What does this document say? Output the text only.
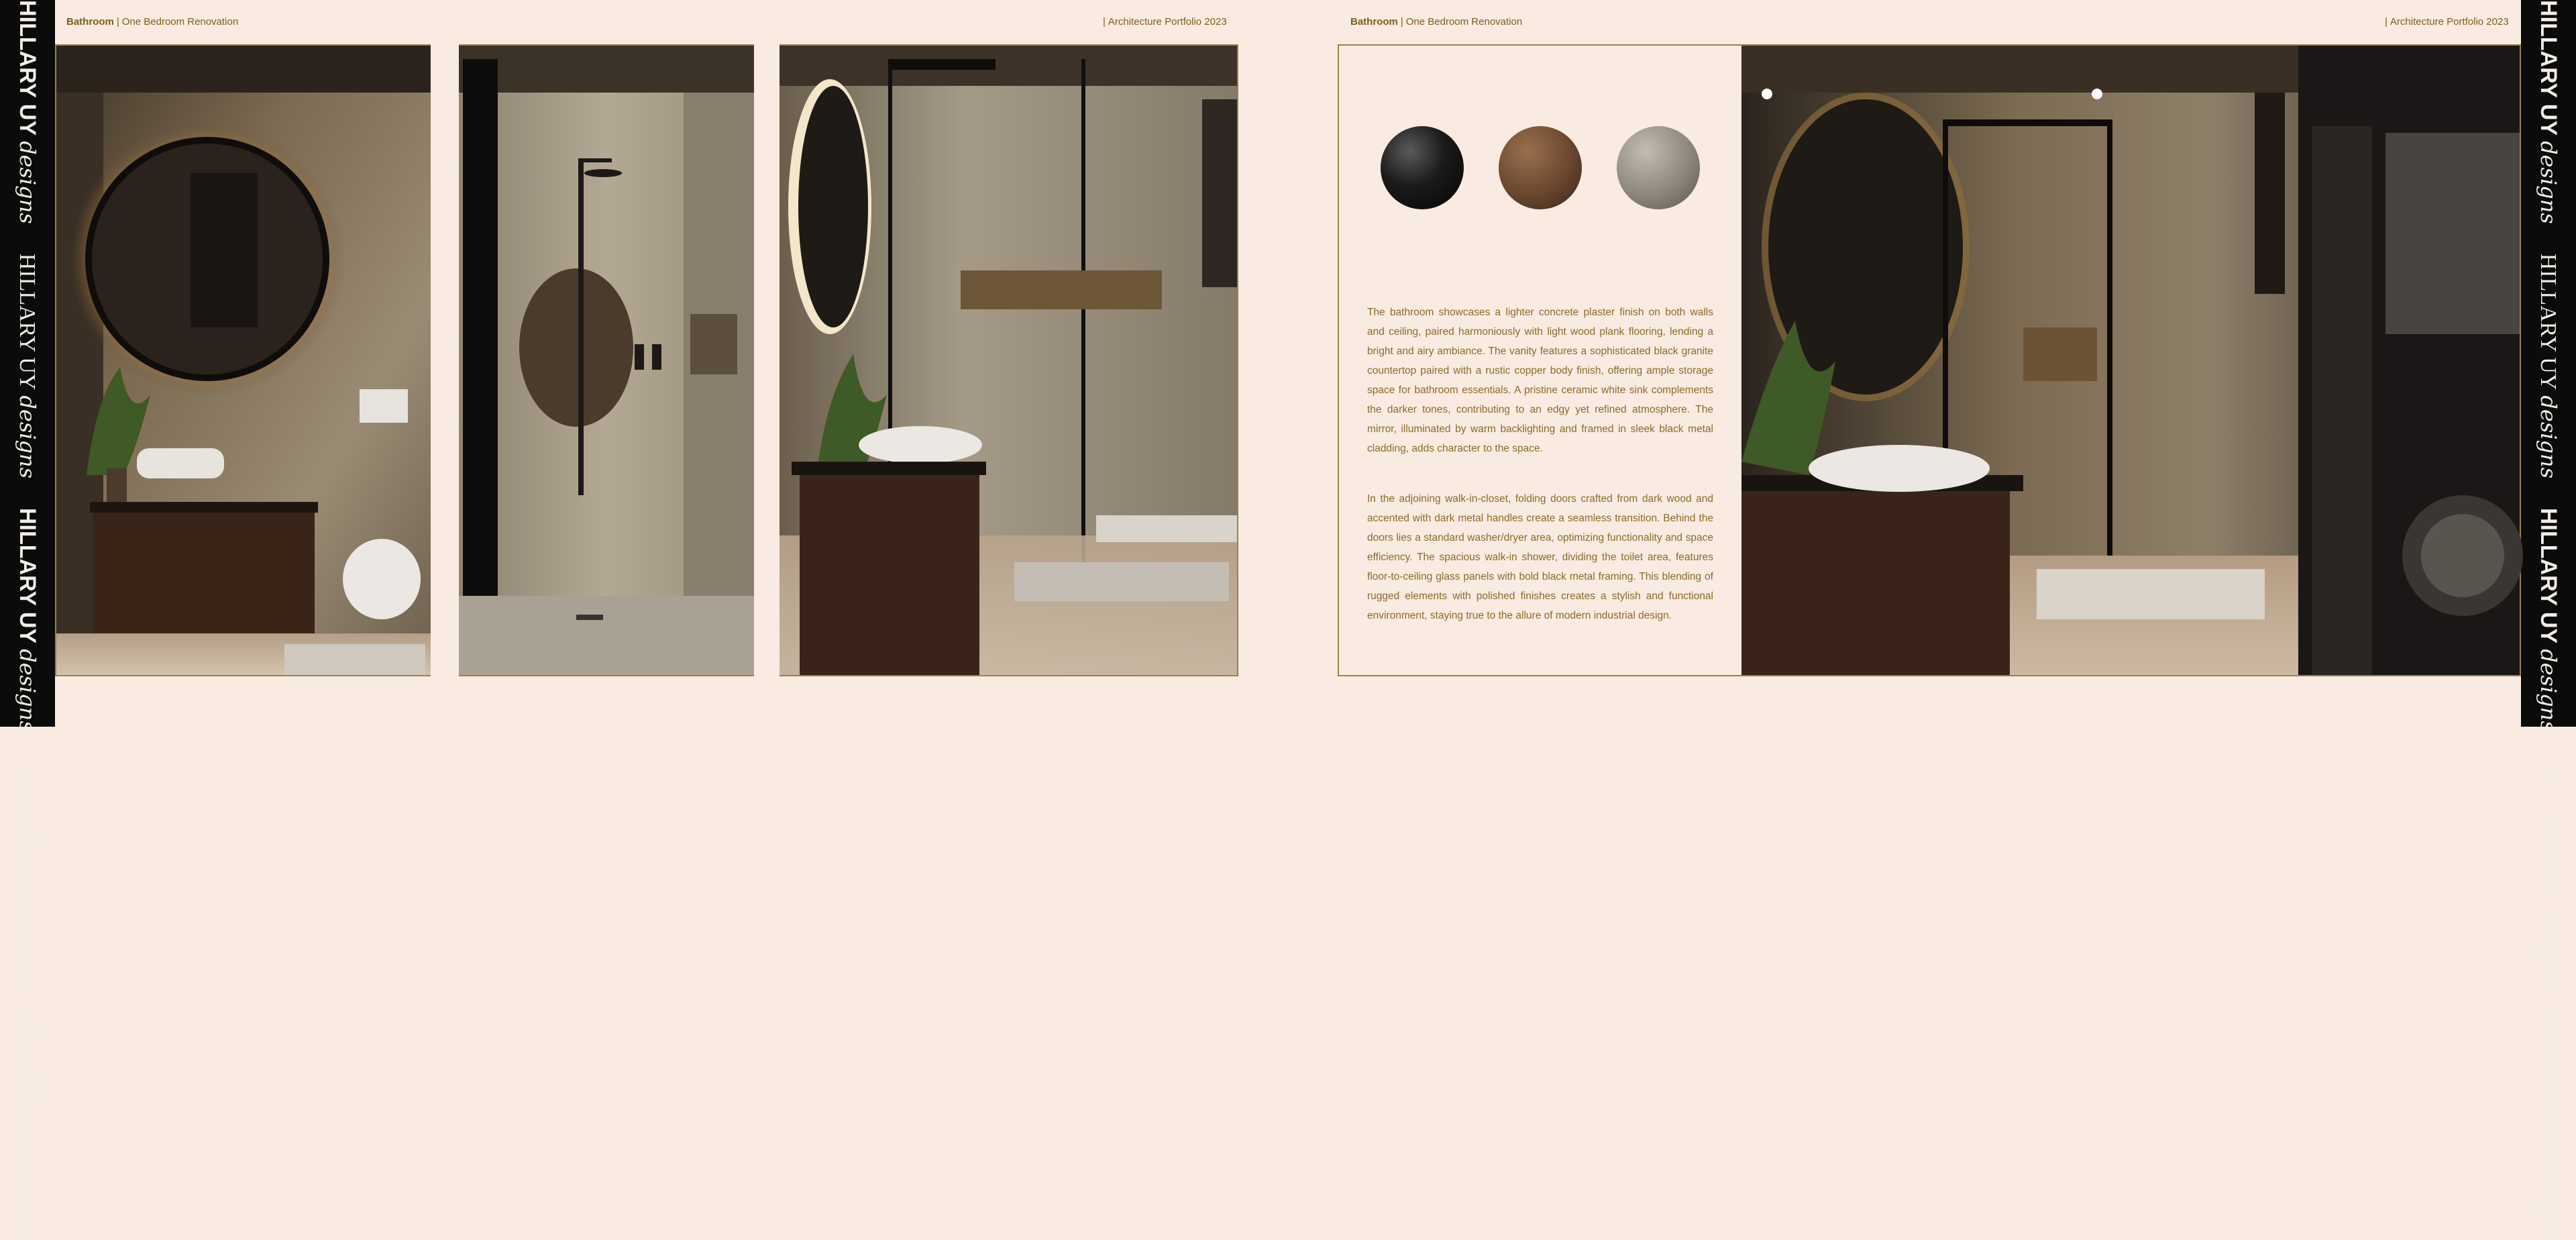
HILLARY UYdesigns
HILLARY UYdesigns
HILLARY UYdesigns
HILLARY UYdesigns
HILLARY UYdesigns
HILLARY UYdesigns
HILLARY UYdesigns
HILLARY UYdesigns
HILLARY UYdesigns
HILLARY UYdesigns
Bathroom | One Bedroom Renovation	| Architecture Portfolio 2023	Bathroom | One Bedroom Renovation	| Architecture Portfolio 2023

The bathroom showcases a lighter concrete plaster finish on both walls and ceiling, paired harmoniously with light wood plank flooring, lending a bright and airy ambiance. The vanity features a sophisticated black granite countertop paired with a rustic copper body finish, offering ample storage space for bathroom essentials. A pristine ceramic white sink complements the darker tones, contributing to an edgy yet refined atmosphere. The mirror, illuminated by warm backlighting and framed in sleek black metal cladding, adds character to the space.

In the adjoining walk-in-closet, folding doors crafted from dark wood and accented with dark metal handles create a seamless transition. Behind the doors lies a standard washer/dryer area, optimizing functionality and space efficiency. The spacious walk-in shower, dividing the toilet area, features floor-to-ceiling glass panels with bold black metal framing. This blending of rugged elements with polished finishes creates a stylish and functional environment, staying true to the allure of modern industrial design.
